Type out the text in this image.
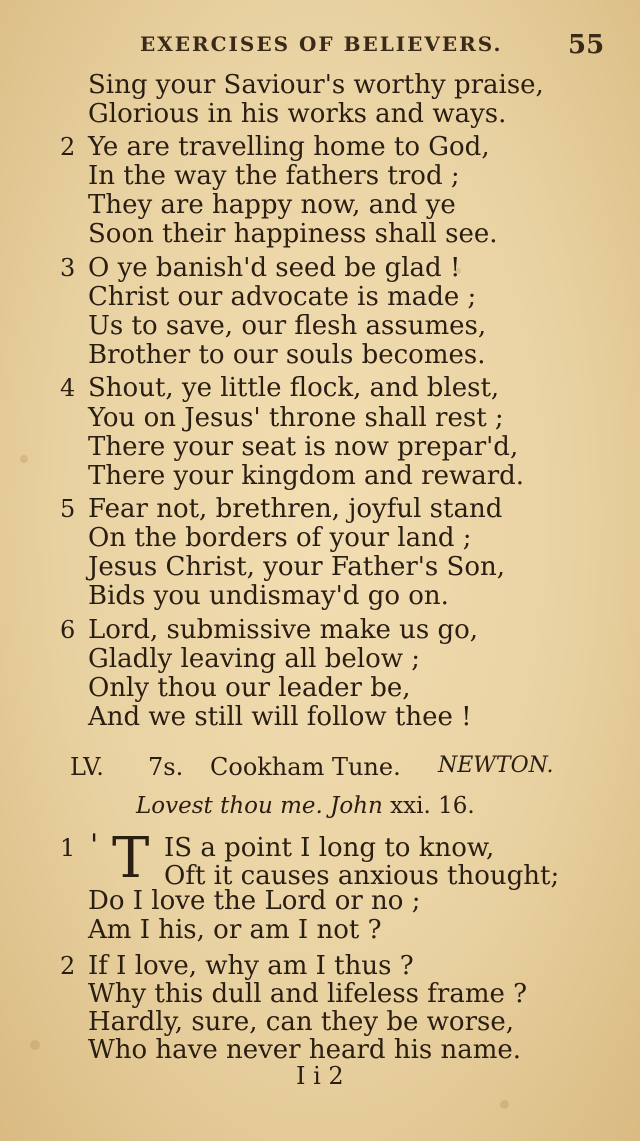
EXERCISES OF BELIEVERS.	55
Sing your Saviour's worthy praise,
Glorious in his works and ways.
2 Ye are travelling home to God,
In the way the fathers trod ;
They are happy now, and ye
Soon their happiness shall see.
3 O ye banish'd seed be glad !
Christ our advocate is made ;
Us to save, our flesh assumes,
Brother to our souls becomes.
4 Shout, ye little flock, and blest,
You on Jesus' throne shall rest ;
There your seat is now prepar'd,
There your kingdom and reward.
5 Fear not, brethren, joyful stand
On the borders of your land ;
Jesus Christ, your Father's Son,
Bids you undismay'd go on.
6 Lord, submissive make us go,
Gladly leaving all below ;
Only thou our leader be,
And we still will follow thee !
LV. 7s. Cookham Tune. NEWTON.
Lovest thou me. John xxi. 16.
1 ' T IS a point I long to know,
Oft it causes anxious thought;
Do I love the Lord or no ;
Am I his, or am I not ?
2 If I love, why am I thus ?
Why this dull and lifeless frame ?
Hardly, sure, can they be worse,
Who have never heard his name.
I i 2
